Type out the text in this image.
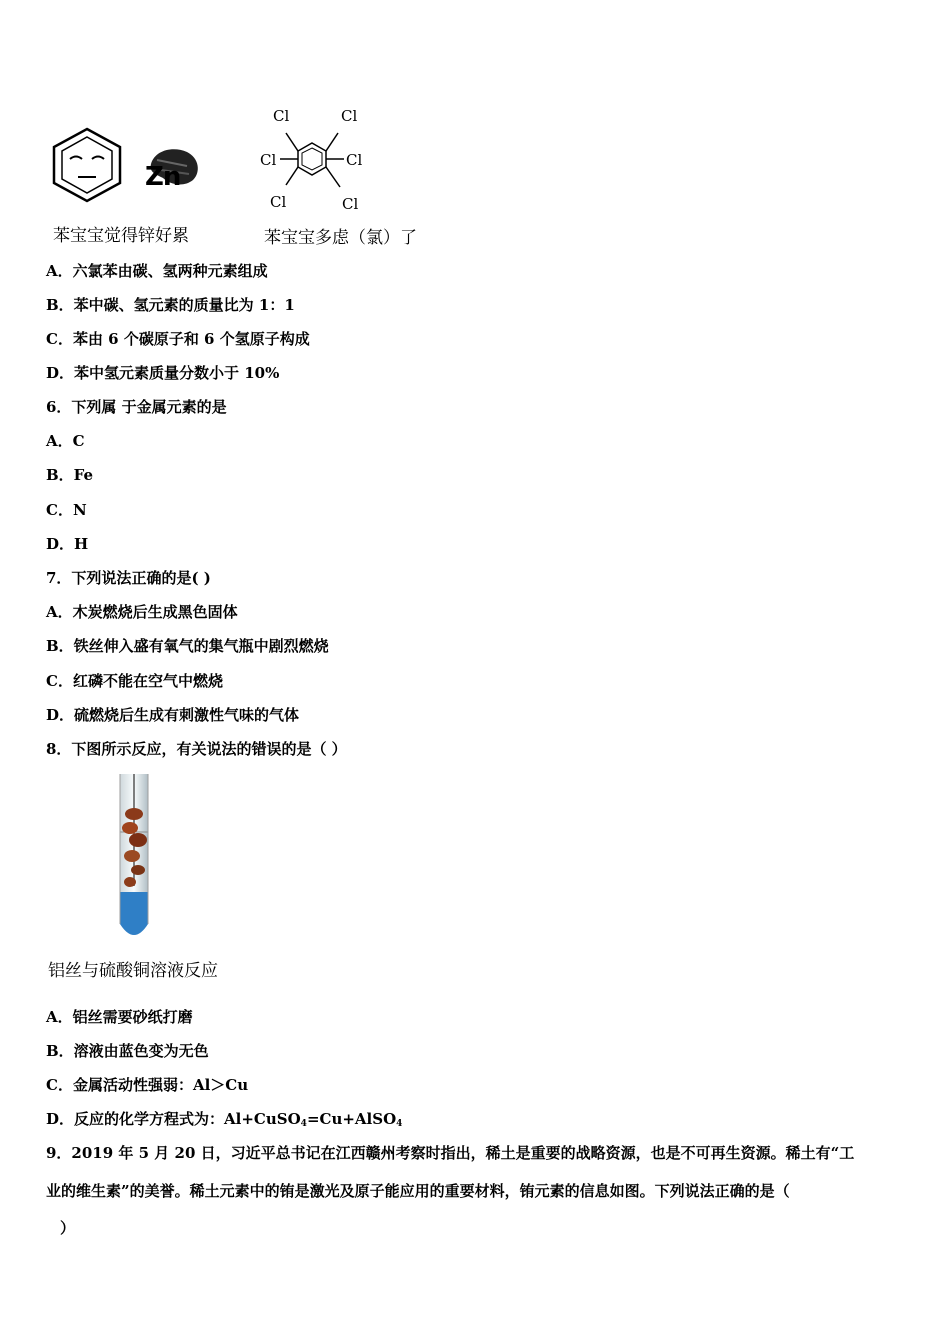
Zn
苯宝宝觉得锌好累
Cl	Cl
Cl	Cl
Cl	Cl
苯宝宝多虑（氯）了
A．六氯苯由碳、氢两种元素组成
B．苯中碳、氢元素的质量比为 1：1
C．苯由 6 个碳原子和 6 个氢原子构成
D．苯中氢元素质量分数小于 10%
6．下列属 于金属元素的是
A．C
B．Fe
C．N
D．H
7．下列说法正确的是( )
A．木炭燃烧后生成黑色固体
B．铁丝伸入盛有氧气的集气瓶中剧烈燃烧
C．红磷不能在空气中燃烧
D．硫燃烧后生成有刺激性气味的气体
8．下图所示反应，有关说法的错误的是（ ）
铝丝与硫酸铜溶液反应
A．铝丝需要砂纸打磨
B．溶液由蓝色变为无色
C．金属活动性强弱：Al＞Cu
D．反应的化学方程式为：Al+CuSO$_4$=Cu+AlSO$_4$
9．2019 年 5 月 20 日，习近平总书记在江西赣州考察时指出，稀土是重要的战略资源，也是不可再生资源。稀土有“工
业的维生素”的美誉。稀土元素中的铕是激光及原子能应用的重要材料，铕元素的信息如图。下列说法正确的是（
）
